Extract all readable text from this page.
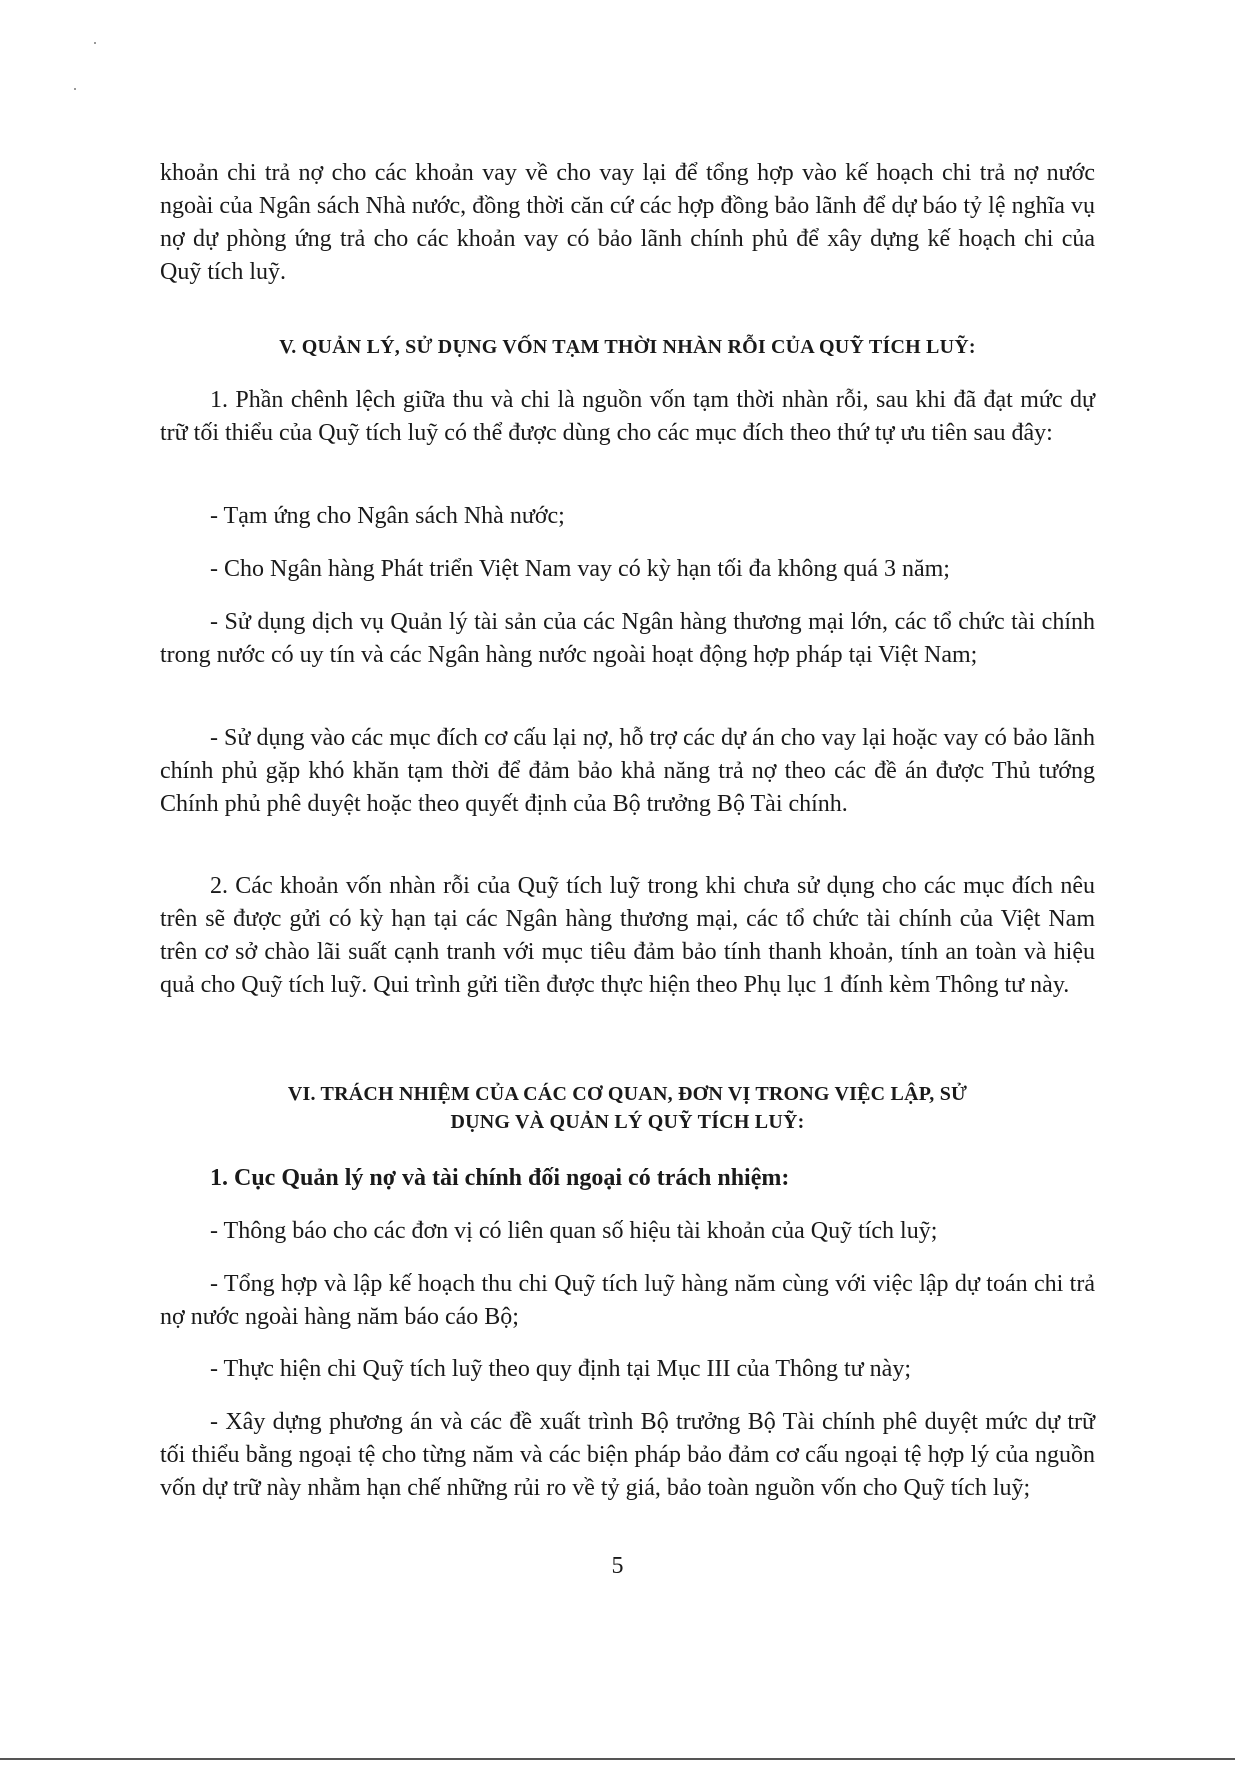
khoản chi trả nợ cho các khoản vay về cho vay lại để tổng hợp vào kế hoạch chi trả nợ nước ngoài của Ngân sách Nhà nước, đồng thời căn cứ các hợp đồng bảo lãnh để dự báo tỷ lệ nghĩa vụ nợ dự phòng ứng trả cho các khoản vay có bảo lãnh chính phủ để xây dựng kế hoạch chi của Quỹ tích luỹ.

V. QUẢN LÝ, SỬ DỤNG VỐN TẠM THỜI NHÀN RỖI CỦA QUỸ TÍCH LUỸ:

1. Phần chênh lệch giữa thu và chi là nguồn vốn tạm thời nhàn rỗi, sau khi đã đạt mức dự trữ tối thiểu của Quỹ tích luỹ có thể được dùng cho các mục đích theo thứ tự ưu tiên sau đây:

- Tạm ứng cho Ngân sách Nhà nước;

- Cho Ngân hàng Phát triển Việt Nam vay có kỳ hạn tối đa không quá 3 năm;

- Sử dụng dịch vụ Quản lý tài sản của các Ngân hàng thương mại lớn, các tổ chức tài chính trong nước có uy tín và các Ngân hàng nước ngoài hoạt động hợp pháp tại Việt Nam;

- Sử dụng vào các mục đích cơ cấu lại nợ, hỗ trợ các dự án cho vay lại hoặc vay có bảo lãnh chính phủ gặp khó khăn tạm thời để đảm bảo khả năng trả nợ theo các đề án được Thủ tướng Chính phủ phê duyệt hoặc theo quyết định của Bộ trưởng Bộ Tài chính.

2. Các khoản vốn nhàn rỗi của Quỹ tích luỹ trong khi chưa sử dụng cho các mục đích nêu trên sẽ được gửi có kỳ hạn tại các Ngân hàng thương mại, các tổ chức tài chính của Việt Nam trên cơ sở chào lãi suất cạnh tranh với mục tiêu đảm bảo tính thanh khoản, tính an toàn và hiệu quả cho Quỹ tích luỹ. Qui trình gửi tiền được thực hiện theo Phụ lục 1 đính kèm Thông tư này.

VI. TRÁCH NHIỆM CỦA CÁC CƠ QUAN, ĐƠN VỊ TRONG VIỆC LẬP, SỬ
DỤNG VÀ QUẢN LÝ QUỸ TÍCH LUỸ:
1. Cục Quản lý nợ và tài chính đối ngoại có trách nhiệm:

- Thông báo cho các đơn vị có liên quan số hiệu tài khoản của Quỹ tích luỹ;

- Tổng hợp và lập kế hoạch thu chi Quỹ tích luỹ hàng năm cùng với việc lập dự toán chi trả nợ nước ngoài hàng năm báo cáo Bộ;

- Thực hiện chi Quỹ tích luỹ theo quy định tại Mục III của Thông tư này;

- Xây dựng phương án và các đề xuất trình Bộ trưởng Bộ Tài chính phê duyệt mức dự trữ tối thiểu bằng ngoại tệ cho từng năm và các biện pháp bảo đảm cơ cấu ngoại tệ hợp lý của nguồn vốn dự trữ này nhằm hạn chế những rủi ro về tỷ giá, bảo toàn nguồn vốn cho Quỹ tích luỹ;

5
